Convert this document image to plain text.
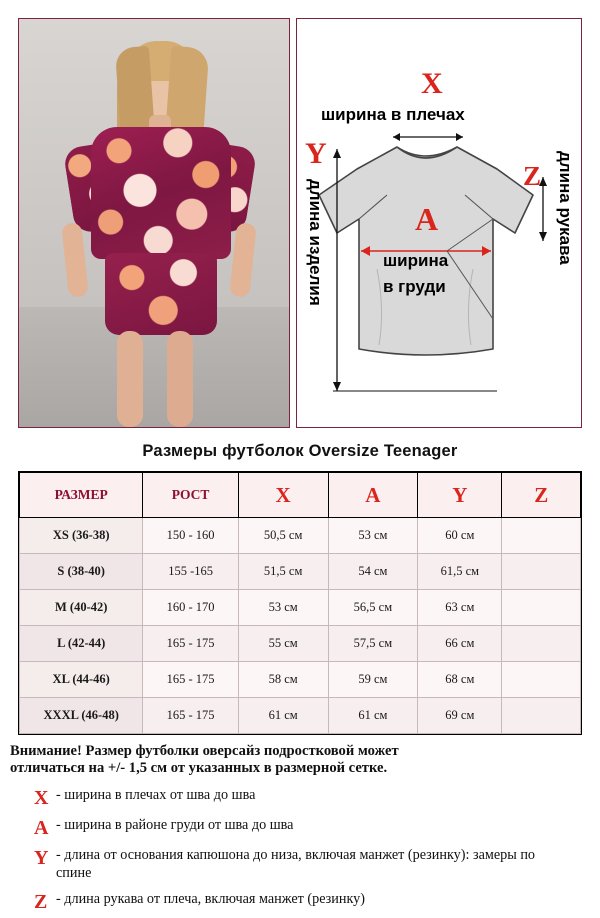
X
ширина в плечах
Y
длина изделия	A
ширина
в груди
Z длина рукава
Размеры футболок Oversize Teenager
РАЗМЕР	РОСТ	X	A	Y	Z
XS (36-38)	150 - 160	50,5 см	53 см	60 см	
S (38-40)	155 -165	51,5 см	54 см	61,5 см	
M (40-42)	160 - 170	53 см	56,5 см	63 см	
L (42-44)	165 - 175	55 см	57,5 см	66 см	
XL (44-46)	165 - 175	58 см	59 см	68 см	
XXXL (46-48)	165 - 175	61 см	61 см	69 см	
Внимание! Размер футболки оверсайз подростковой может
отличаться на +/- 1,5 см от указанных в размерной сетке.
X - ширина в плечах от шва до шва
A - ширина в районе груди от шва до шва
Y - длина от основания капюшона до низа, включая манжет (резинку): замеры по спине
Z - длина рукава от плеча, включая манжет (резинку)
